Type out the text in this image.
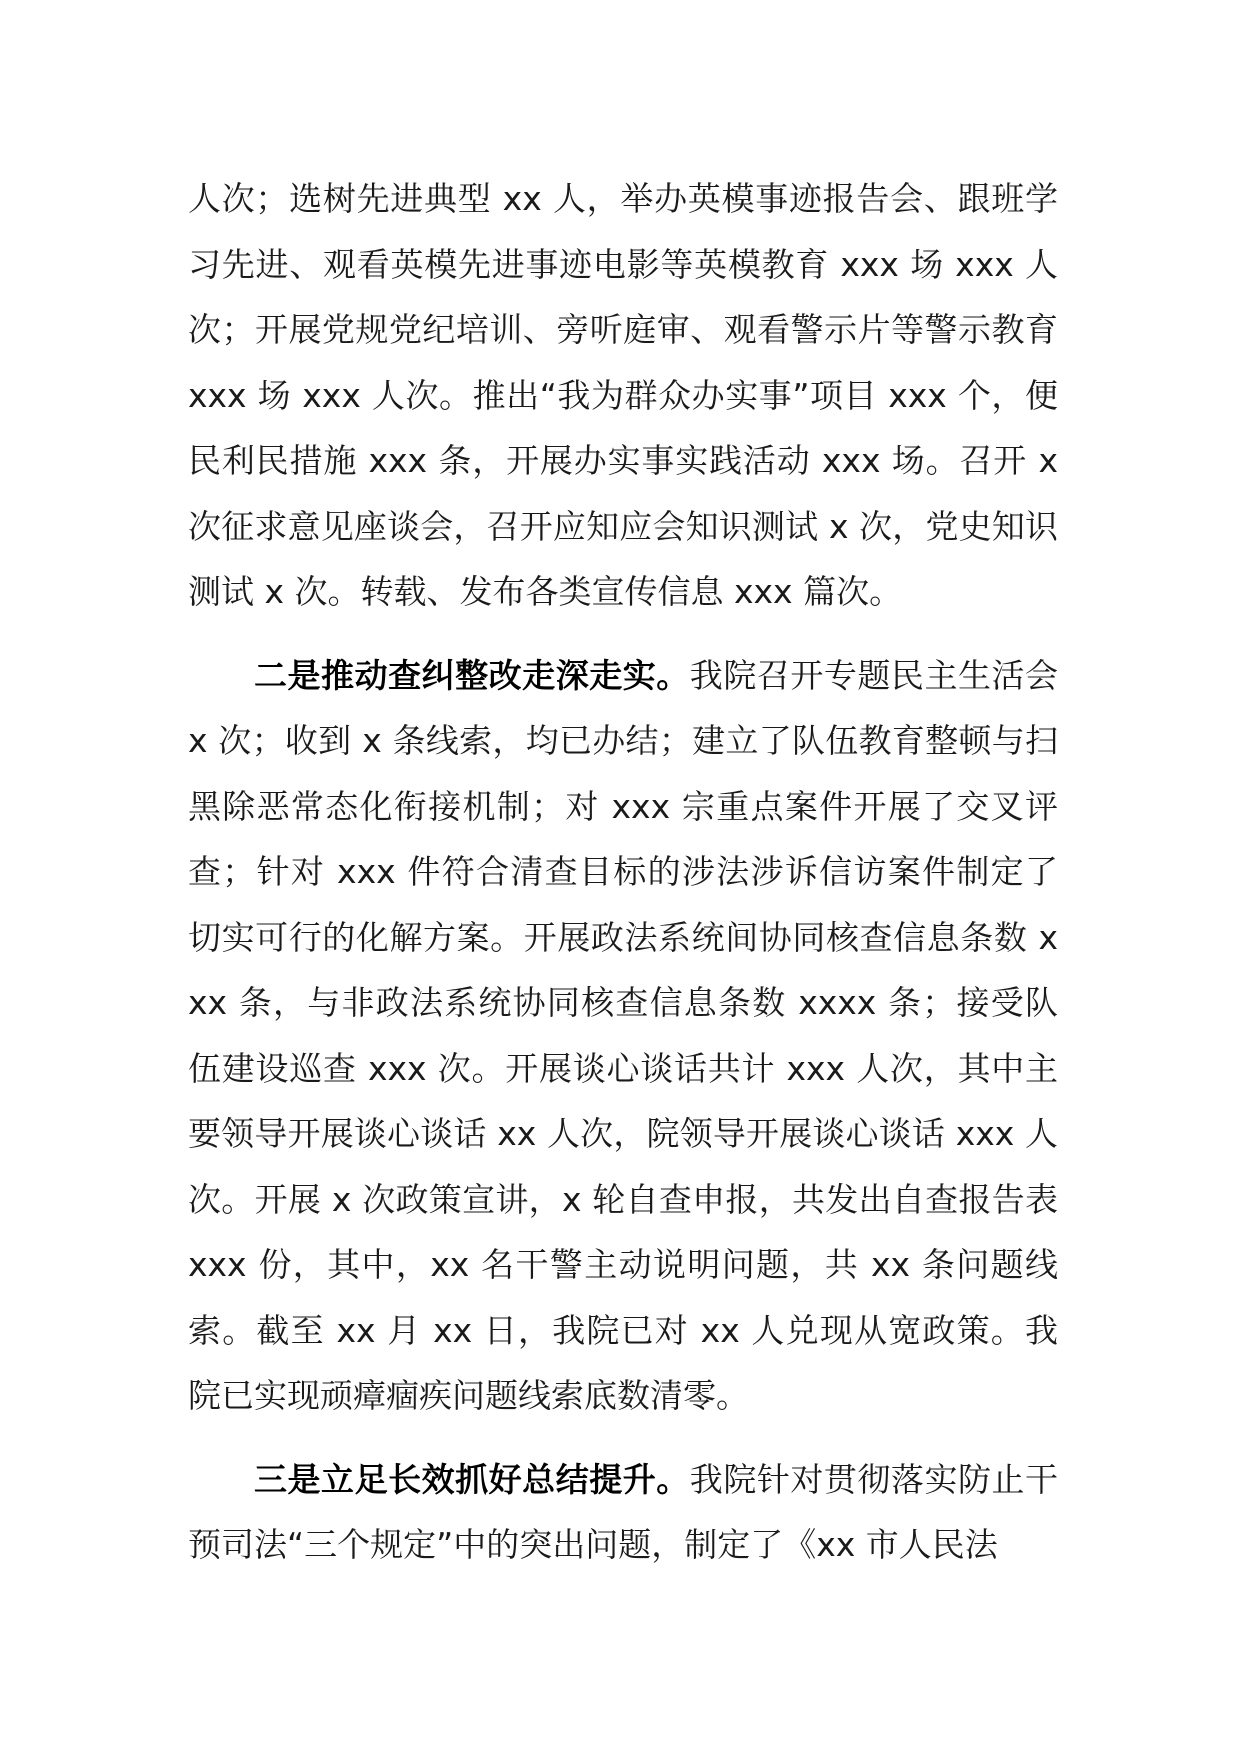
人次；选树先进典型 xx 人，举办英模事迹报告会、跟班学习先进、观看英模先进事迹电影等英模教育 xxx 场 xxx 人次；开展党规党纪培训、旁听庭审、观看警示片等警示教育 xxx 场 xxx 人次。推出“我为群众办实事”项目 xxx 个，便民利民措施 xxx 条，开展办实事实践活动 xxx 场。召开 x 次征求意见座谈会，召开应知应会知识测试 x 次，党史知识测试 x 次。转载、发布各类宣传信息 xxx 篇次。

二是推动查纠整改走深走实。我院召开专题民主生活会 x 次；收到 x 条线索，均已办结；建立了队伍教育整顿与扫黑除恶常态化衔接机制；对 xxx 宗重点案件开展了交叉评查；针对 xxx 件符合清查目标的涉法涉诉信访案件制定了切实可行的化解方案。开展政法系统间协同核查信息条数 xxx 条，与非政法系统协同核查信息条数 xxxx 条；接受队伍建设巡查 xxx 次。开展谈心谈话共计 xxx 人次，其中主要领导开展谈心谈话 xx 人次，院领导开展谈心谈话 xxx 人次。开展 x 次政策宣讲，x 轮自查申报，共发出自查报告表 xxx 份，其中，xx 名干警主动说明问题，共 xx 条问题线索。截至 xx 月 xx 日，我院已对 xx 人兑现从宽政策。我院已实现顽瘴痼疾问题线索底数清零。

三是立足长效抓好总结提升。我院针对贯彻落实防止干预司法“三个规定”中的突出问题，制定了《xx 市人民法
